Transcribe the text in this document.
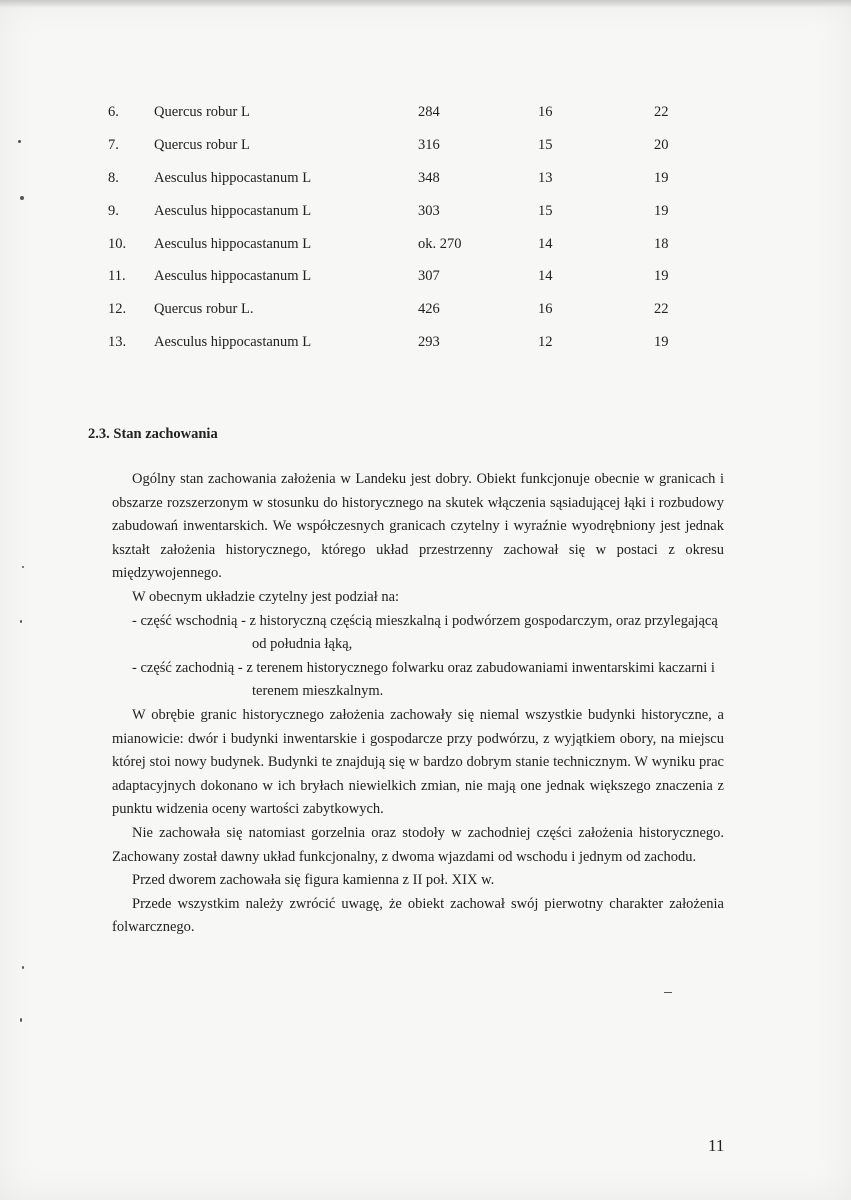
6.	Quercus robur L	284	16	22
7.	Quercus robur L	316	15	20
8.	Aesculus hippocastanum L	348	13	19
9.	Aesculus hippocastanum L	303	15	19
10.	Aesculus hippocastanum L	ok. 270	14	18
11.	Aesculus hippocastanum L	307	14	19
12.	Quercus robur L.	426	16	22
13.	Aesculus hippocastanum L	293	12	19
2.3. Stan zachowania

Ogólny stan zachowania założenia w Landeku jest dobry. Obiekt funkcjonuje obecnie w granicach i obszarze rozszerzonym w stosunku do historycznego na skutek włączenia sąsiadującej łąki i rozbudowy zabudowań inwentarskich. We współczesnych granicach czytelny i wyraźnie wyodrębniony jest jednak kształt założenia historycznego, którego układ przestrzenny zachował się w postaci z okresu międzywojennego.

W obecnym układzie czytelny jest podział na:

- część wschodnią - z historyczną częścią mieszkalną i podwórzem gospodarczym, oraz przylegającą

od południa łąką,

- część zachodnią - z terenem historycznego folwarku oraz zabudowaniami inwentarskimi kaczarni i

terenem mieszkalnym.

W obrębie granic historycznego założenia zachowały się niemal wszystkie budynki historyczne, a mianowicie: dwór i budynki inwentarskie i gospodarcze przy podwórzu, z wyjątkiem obory, na miejscu której stoi nowy budynek. Budynki te znajdują się w bardzo dobrym stanie technicznym. W wyniku prac adaptacyjnych dokonano w ich bryłach niewielkich zmian, nie mają one jednak większego znaczenia z punktu widzenia oceny wartości zabytkowych.

Nie zachowała się natomiast gorzelnia oraz stodoły w zachodniej części założenia historycznego. Zachowany został dawny układ funkcjonalny, z dwoma wjazdami od wschodu i jednym od zachodu.

Przed dworem zachowała się figura kamienna z II poł. XIX w.

Przede wszystkim należy zwrócić uwagę, że obiekt zachował swój pierwotny charakter założenia folwarcznego.

11
